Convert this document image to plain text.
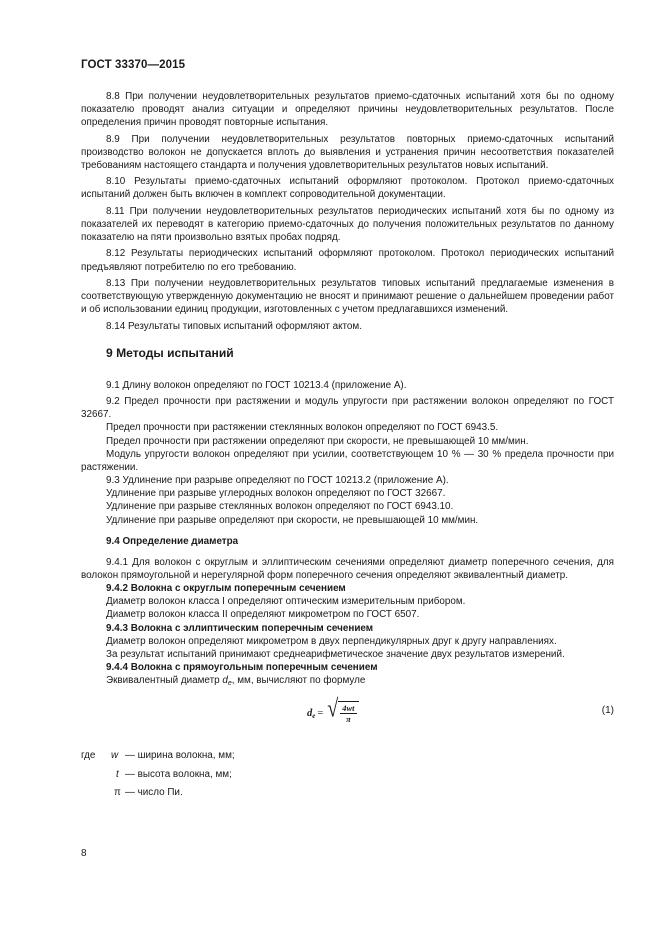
ГОСТ 33370—2015

8.8 При получении неудовлетворительных результатов приемо-сдаточных испытаний хотя бы по одному показателю проводят анализ ситуации и определяют причины неудовлетворительных результатов. После определения причин проводят повторные испытания.

8.9 При получении неудовлетворительных результатов повторных приемо-сдаточных испытаний производство волокон не допускается вплоть до выявления и устранения причин несоответствия показателей требованиям настоящего стандарта и получения удовлетворительных результатов новых испытаний.

8.10 Результаты приемо-сдаточных испытаний оформляют протоколом. Протокол приемо-сдаточных испытаний должен быть включен в комплект сопроводительной документации.

8.11 При получении неудовлетворительных результатов периодических испытаний хотя бы по одному из показателей их переводят в категорию приемо-сдаточных до получения положительных результатов по данному показателю на пяти произвольно взятых пробах подряд.

8.12 Результаты периодических испытаний оформляют протоколом. Протокол периодических испытаний предъявляют потребителю по его требованию.

8.13 При получении неудовлетворительных результатов типовых испытаний предлагаемые изменения в соответствующую утвержденную документацию не вносят и принимают решение о дальнейшем проведении работ и об использовании единиц продукции, изготовленных с учетом предлагавшихся изменений.

8.14 Результаты типовых испытаний оформляют актом.

9 Методы испытаний

9.1 Длину волокон определяют по ГОСТ 10213.4 (приложение А).

9.2 Предел прочности при растяжении и модуль упругости при растяжении волокон определяют по ГОСТ 32667.

Предел прочности при растяжении стеклянных волокон определяют по ГОСТ 6943.5.

Предел прочности при растяжении определяют при скорости, не превышающей 10 мм/мин.

Модуль упругости волокон определяют при усилии, соответствующем 10 % — 30 % предела прочности при растяжении.

9.3 Удлинение при разрыве определяют по ГОСТ 10213.2 (приложение А).

Удлинение при разрыве углеродных волокон определяют по ГОСТ 32667.

Удлинение при разрыве стеклянных волокон определяют по ГОСТ 6943.10.

Удлинение при разрыве определяют при скорости, не превышающей 10 мм/мин.

9.4 Определение диаметра

9.4.1 Для волокон с округлым и эллиптическим сечениями определяют диаметр поперечного сечения, для волокон прямоугольной и нерегулярной форм поперечного сечения определяют эквивалентный диаметр.

9.4.2 Волокна с округлым поперечным сечением

Диаметр волокон класса I определяют оптическим измерительным прибором.

Диаметр волокон класса II определяют микрометром по ГОСТ 6507.

9.4.3 Волокна с эллиптическим поперечным сечением

Диаметр волокон определяют микрометром в двух перпендикулярных друг к другу направлениях.

За результат испытаний принимают среднеарифметическое значение двух результатов измерений.

9.4.4 Волокна с прямоугольным поперечным сечением

Эквивалентный диаметр $d_e$, мм, вычисляют по формуле

d e = √ $\frac{4wt}{\pi}$	(1)
где w — ширина волокна, мм;
t — высота волокна, мм;
π — число Пи.
8
